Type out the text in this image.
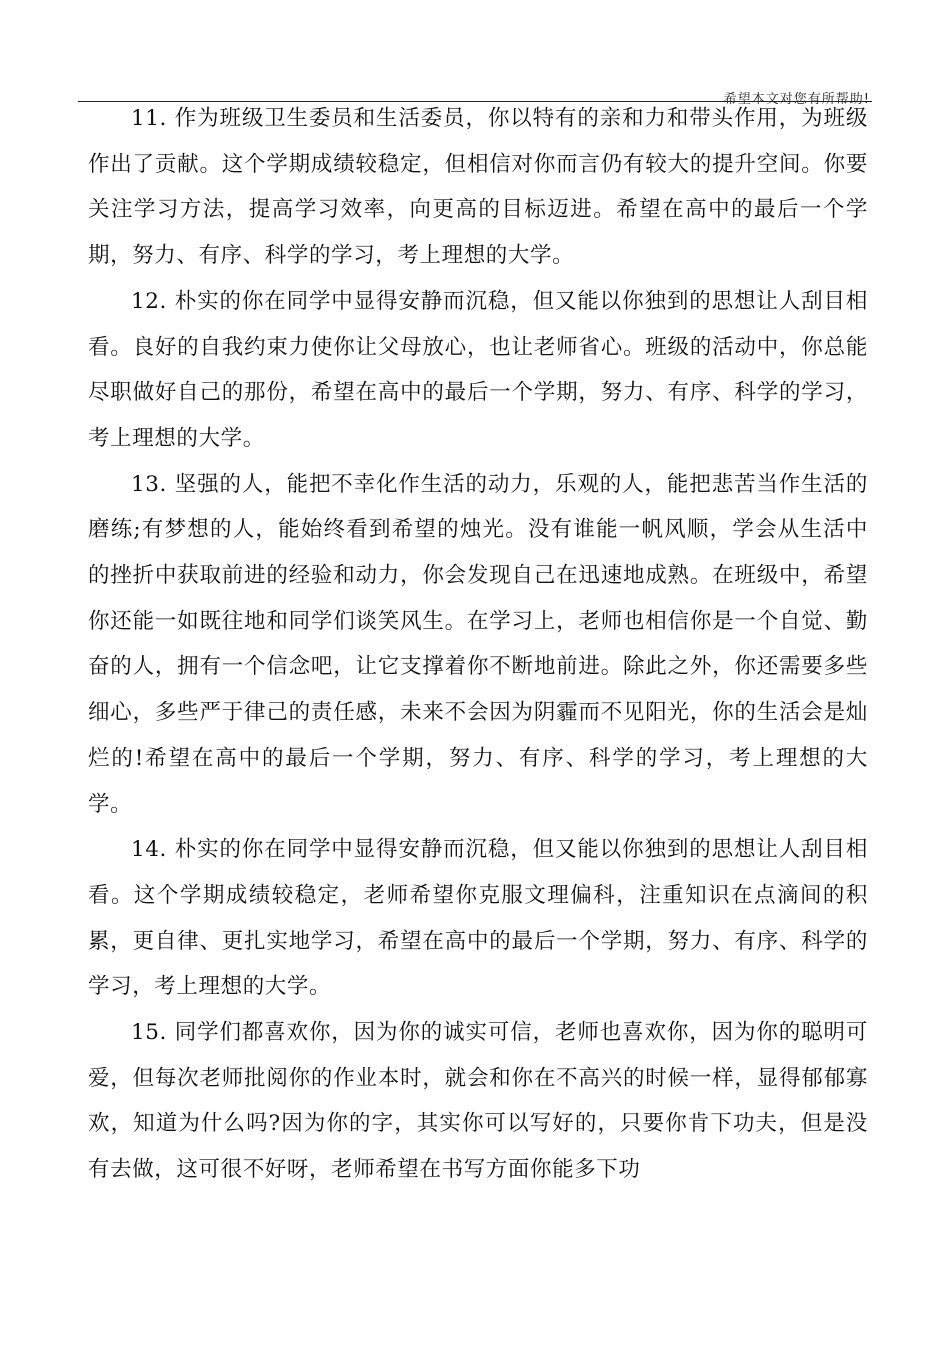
希望本文对您有所帮助!

11. 作为班级卫生委员和生活委员，你以特有的亲和力和带头作用，为班级作出了贡献。这个学期成绩较稳定，但相信对你而言仍有较大的提升空间。你要关注学习方法，提高学习效率，向更高的目标迈进。希望在高中的最后一个学期，努力、有序、科学的学习，考上理想的大学。

12. 朴实的你在同学中显得安静而沉稳，但又能以你独到的思想让人刮目相看。良好的自我约束力使你让父母放心，也让老师省心。班级的活动中，你总能尽职做好自己的那份，希望在高中的最后一个学期，努力、有序、科学的学习，考上理想的大学。

13. 坚强的人，能把不幸化作生活的动力，乐观的人，能把悲苦当作生活的磨练;有梦想的人，能始终看到希望的烛光。没有谁能一帆风顺，学会从生活中的挫折中获取前进的经验和动力，你会发现自己在迅速地成熟。在班级中，希望你还能一如既往地和同学们谈笑风生。在学习上，老师也相信你是一个自觉、勤奋的人，拥有一个信念吧，让它支撑着你不断地前进。除此之外，你还需要多些细心，多些严于律己的责任感，未来不会因为阴霾而不见阳光，你的生活会是灿烂的!希望在高中的最后一个学期，努力、有序、科学的学习，考上理想的大学。

14. 朴实的你在同学中显得安静而沉稳，但又能以你独到的思想让人刮目相看。这个学期成绩较稳定，老师希望你克服文理偏科，注重知识在点滴间的积累，更自律、更扎实地学习，希望在高中的最后一个学期，努力、有序、科学的学习，考上理想的大学。

15. 同学们都喜欢你，因为你的诚实可信，老师也喜欢你，因为你的聪明可爱，但每次老师批阅你的作业本时，就会和你在不高兴的时候一样，显得郁郁寡欢，知道为什么吗?因为你的字，其实你可以写好的，只要你肯下功夫，但是没有去做，这可很不好呀，老师希望在书写方面你能多下功
